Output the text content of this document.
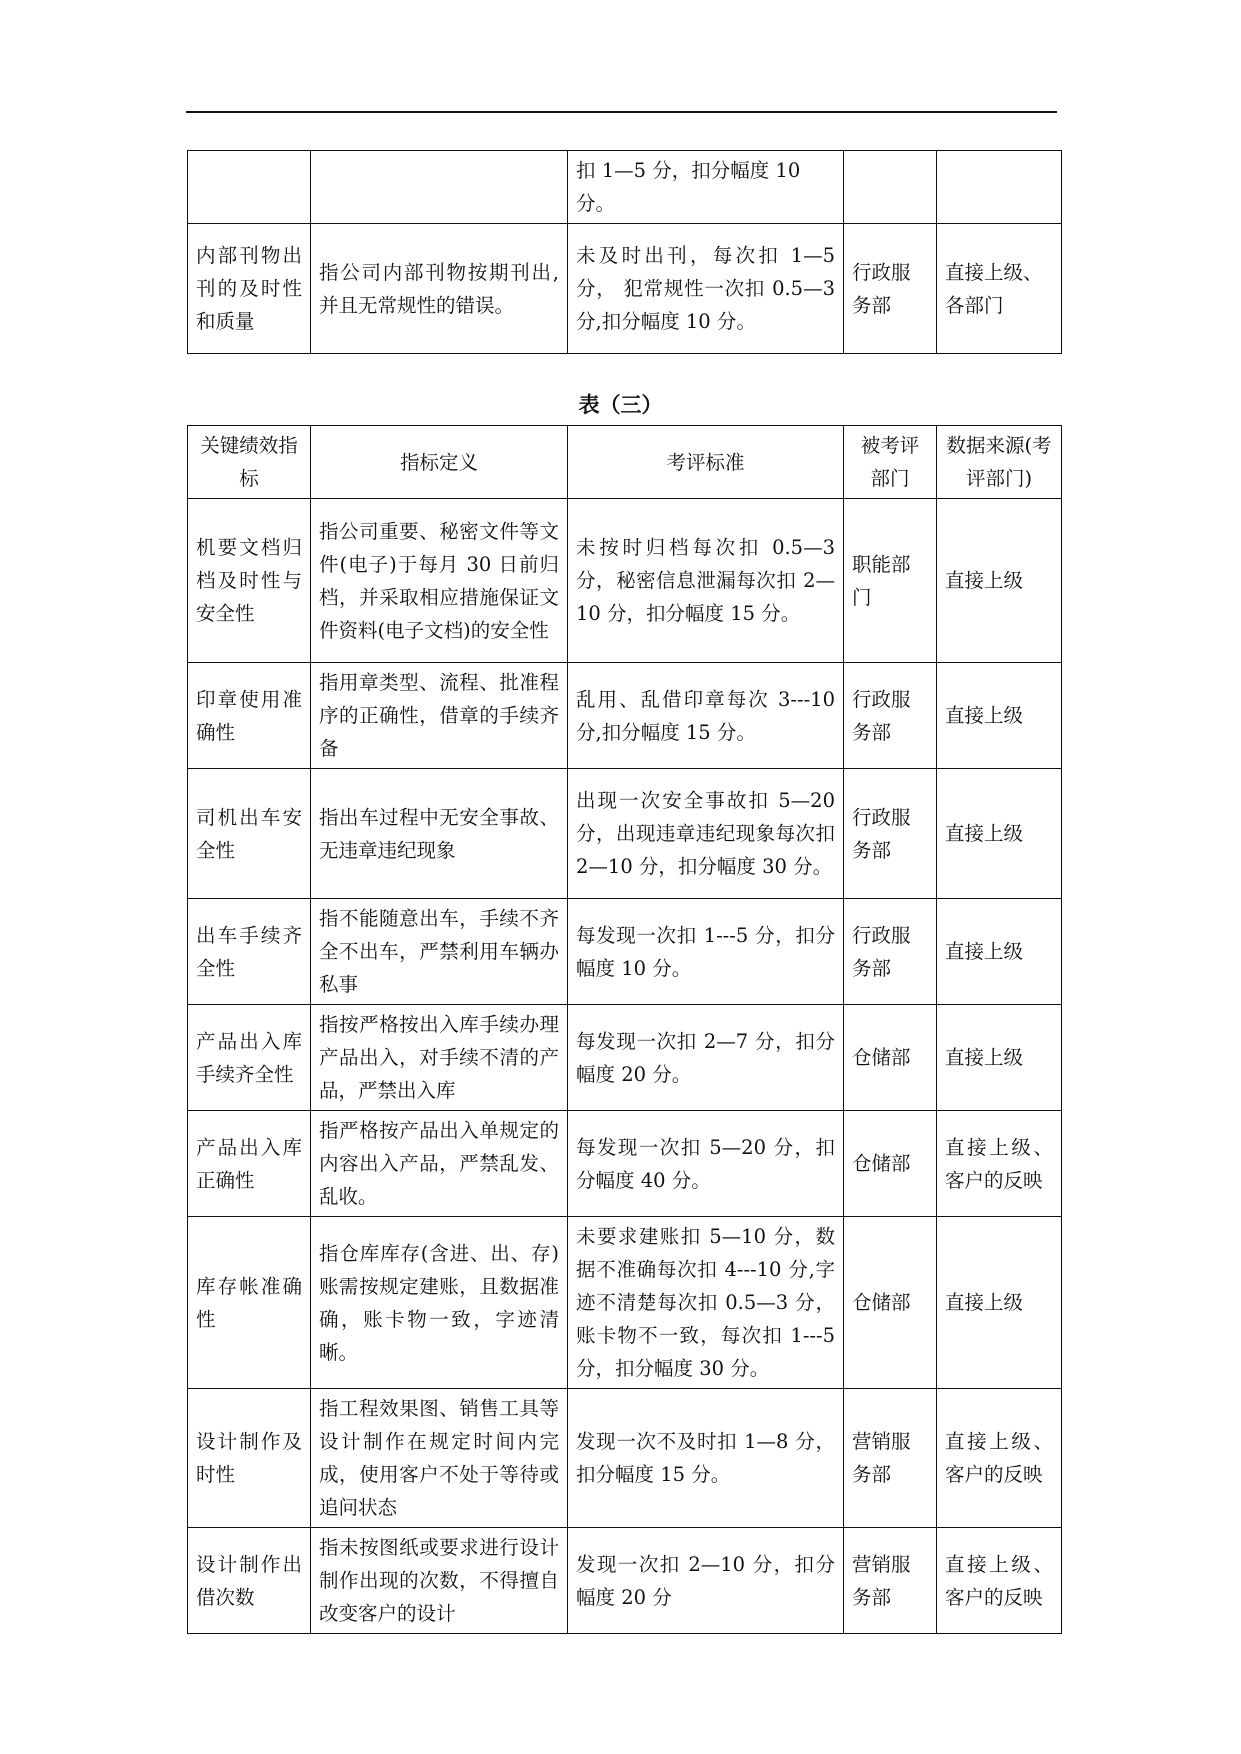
		扣 1—5 分，扣分幅度 10 分。		
内部刊物出刊的及时性和质量	指公司内部刊物按期刊出,并且无常规性的错误。	未及时出刊，每次扣 1—5 分， 犯常规性一次扣 0.5—3 分,扣分幅度 10 分。	行政服务部	直接上级、各部门
表（三）
关键绩效指标	指标定义	考评标准	被考评部门	数据来源(考评部门)
机要文档归档及时性与安全性	指公司重要、秘密文件等文件(电子)于每月 30 日前归档，并采取相应措施保证文件资料(电子文档)的安全性	未按时归档每次扣 0.5—3 分，秘密信息泄漏每次扣 2—10 分，扣分幅度 15 分。	职能部门	直接上级
印章使用准确性	指用章类型、流程、批准程序的正确性，借章的手续齐备	乱用、乱借印章每次 3---10 分,扣分幅度 15 分。	行政服务部	直接上级
司机出车安全性	指出车过程中无安全事故、无违章违纪现象	出现一次安全事故扣 5—20 分，出现违章违纪现象每次扣 2—10 分，扣分幅度 30 分。	行政服务部	直接上级
出车手续齐全性	指不能随意出车，手续不齐全不出车，严禁利用车辆办私事	每发现一次扣 1---5 分，扣分幅度 10 分。	行政服务部	直接上级
产品出入库手续齐全性	指按严格按出入库手续办理产品出入，对手续不清的产品，严禁出入库	每发现一次扣 2—7 分，扣分幅度 20 分。	仓储部	直接上级
产品出入库正确性	指严格按产品出入单规定的内容出入产品，严禁乱发、乱收。	每发现一次扣 5—20 分，扣分幅度 40 分。	仓储部	直接上级、客户的反映
库存帐准确性	指仓库库存(含进、出、存)账需按规定建账，且数据准确，账卡物一致，字迹清晰。	未要求建账扣 5—10 分，数据不准确每次扣 4---10 分,字迹不清楚每次扣 0.5—3 分，账卡物不一致，每次扣 1---5 分，扣分幅度 30 分。	仓储部	直接上级
设计制作及时性	指工程效果图、销售工具等设计制作在规定时间内完成，使用客户不处于等待或追问状态	发现一次不及时扣 1—8 分，扣分幅度 15 分。	营销服务部	直接上级、客户的反映
设计制作出借次数	指未按图纸或要求进行设计制作出现的次数，不得擅自改变客户的设计	发现一次扣 2—10 分，扣分幅度 20 分	营销服务部	直接上级、客户的反映
